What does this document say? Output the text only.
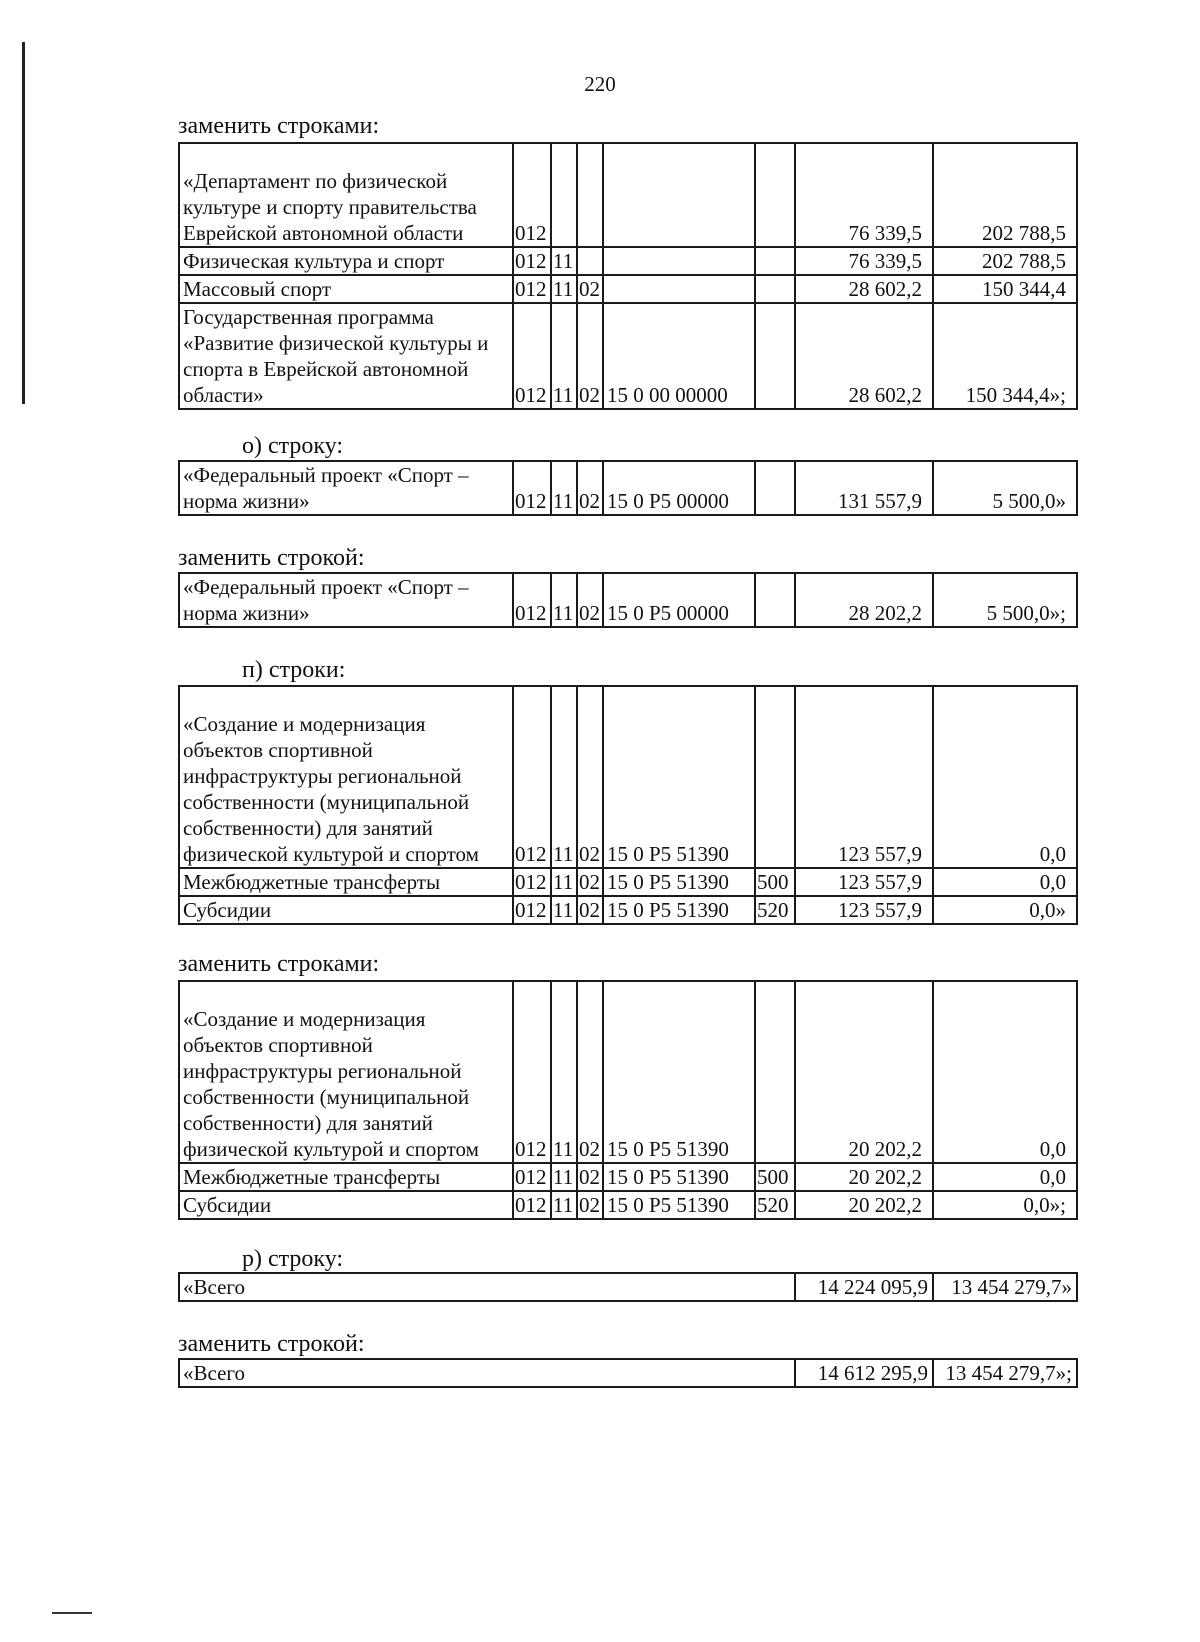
220
заменить строками:
«Департамент по физической культуре и спорту правительства Еврейской автономной области	012					76 339,5	202 788,5
Физическая культура и спорт	012	11				76 339,5	202 788,5
Массовый спорт	012	11	02			28 602,2	150 344,4
Государственная программа «Развитие физической культуры и спорта в Еврейской автономной области»	012	11	02	15 0 00 00000		28 602,2	150 344,4»;
о) строку:
«Федеральный проект «Спорт – норма жизни»	012	11	02	15 0 P5 00000		131 557,9	5 500,0»
заменить строкой:
«Федеральный проект «Спорт – норма жизни»	012	11	02	15 0 P5 00000		28 202,2	5 500,0»;
п) строки:
«Создание и модернизация объектов спортивной инфраструктуры региональной собственности (муниципальной собственности) для занятий физической культурой и спортом	012	11	02	15 0 P5 51390		123 557,9	0,0
Межбюджетные трансферты	012	11	02	15 0 P5 51390	500	123 557,9	0,0
Субсидии	012	11	02	15 0 P5 51390	520	123 557,9	0,0»
заменить строками:
«Создание и модернизация объектов спортивной инфраструктуры региональной собственности (муниципальной собственности) для занятий физической культурой и спортом	012	11	02	15 0 P5 51390		20 202,2	0,0
Межбюджетные трансферты	012	11	02	15 0 P5 51390	500	20 202,2	0,0
Субсидии	012	11	02	15 0 P5 51390	520	20 202,2	0,0»;
р) строку:
«Всего	14 224 095,9	13 454 279,7»
заменить строкой:
«Всего	14 612 295,9	13 454 279,7»;
